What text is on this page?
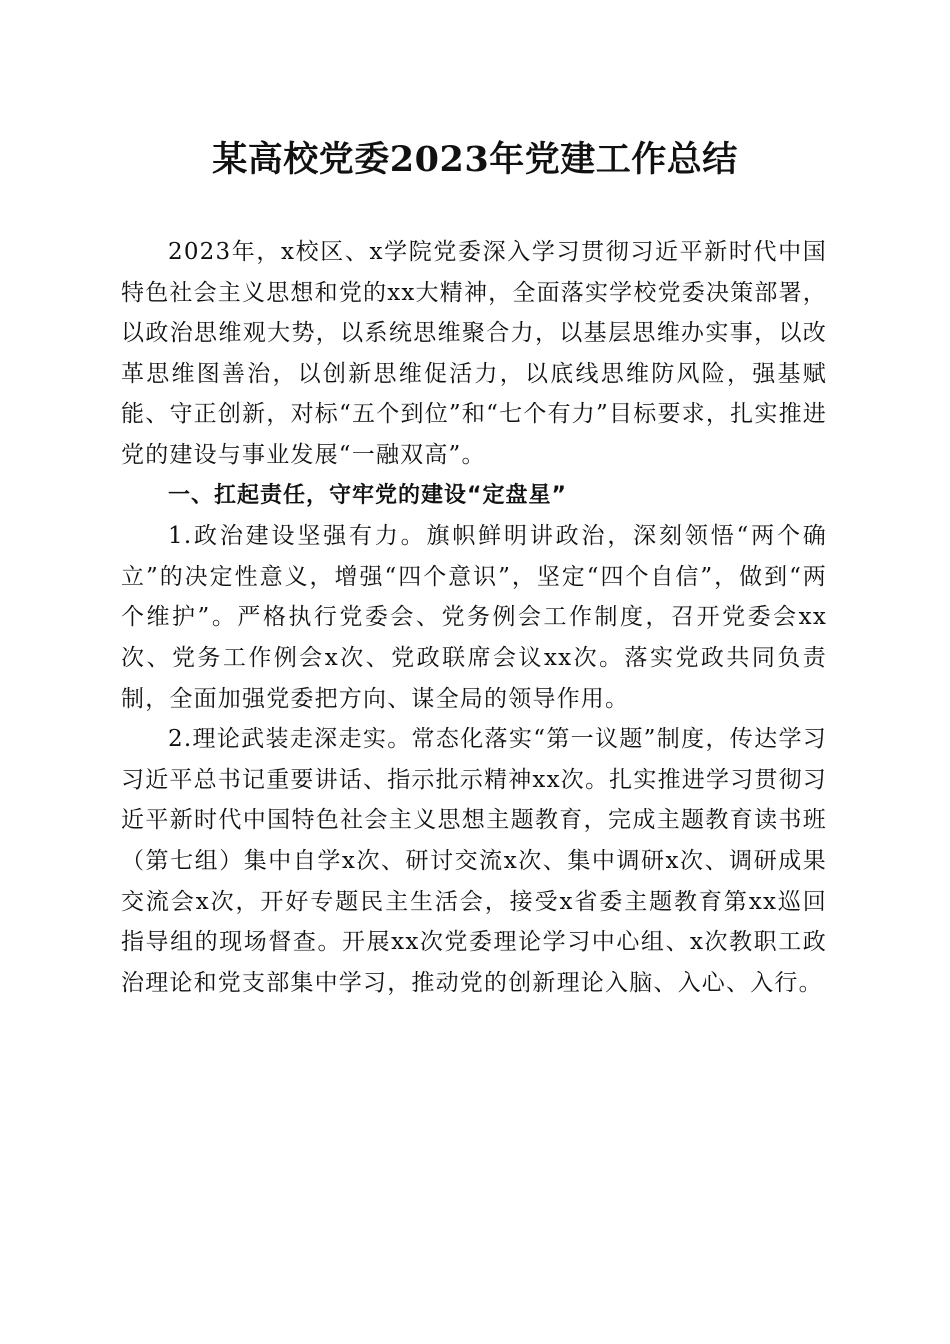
某高校党委2023年党建工作总结

2023年，x校区、x学院党委深入学习贯彻习近平新时代中国特色社会主义思想和党的xx大精神，全面落实学校党委决策部署，以政治思维观大势，以系统思维聚合力，以基层思维办实事，以改革思维图善治，以创新思维促活力，以底线思维防风险，强基赋能、守正创新，对标“五个到位”和“七个有力”目标要求，扎实推进党的建设与事业发展“一融双高”。

一、扛起责任，守牢党的建设“定盘星”

1.政治建设坚强有力。旗帜鲜明讲政治，深刻领悟“两个确立”的决定性意义，增强“四个意识”，坚定“四个自信”，做到“两个维护”。严格执行党委会、党务例会工作制度，召开党委会xx次、党务工作例会x次、党政联席会议xx次。落实党政共同负责制，全面加强党委把方向、谋全局的领导作用。

2.理论武装走深走实。常态化落实“第一议题”制度，传达学习习近平总书记重要讲话、指示批示精神xx次。扎实推进学习贯彻习近平新时代中国特色社会主义思想主题教育，完成主题教育读书班（第七组）集中自学x次、研讨交流x次、集中调研x次、调研成果交流会x次，开好专题民主生活会，接受x省委主题教育第xx巡回指导组的现场督查。开展xx次党委理论学习中心组、x次教职工政治理论和党支部集中学习，推动党的创新理论入脑、入心、入行。
